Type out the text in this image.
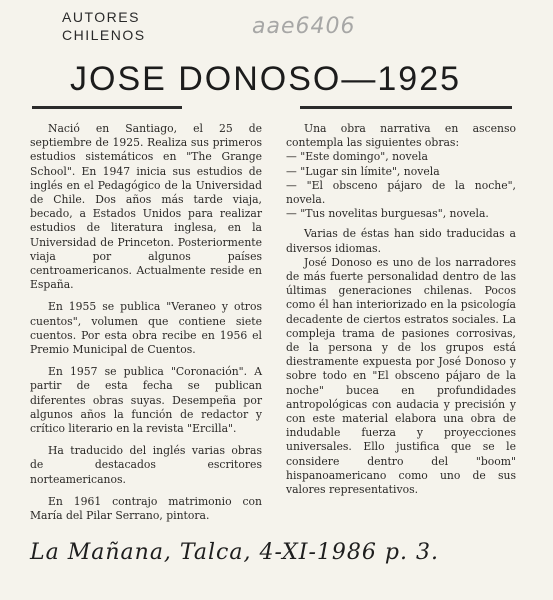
AUTORES
CHILENOS	aae6406
JOSE DONOSO—1925

Nació en Santiago, el 25 de septiembre de 1925. Realiza sus primeros estudios sistemáticos en "The Grange School". En 1947 inicia sus estudios de inglés en el Pedagógico de la Universidad de Chile. Dos años más tarde viaja, becado, a Estados Unidos para realizar estudios de literatura inglesa, en la Universidad de Princeton. Posteriormente viaja por algunos países centroamericanos. Actualmente reside en España.

En 1955 se publica "Veraneo y otros cuentos", volumen que contiene siete cuentos. Por esta obra recibe en 1956 el Premio Municipal de Cuentos.

En 1957 se publica "Coronación". A partir de esta fecha se publican diferentes obras suyas. Desempeña por algunos años la función de redactor y crítico literario en la revista "Ercilla".

Ha traducido del inglés varias obras de destacados escritores norteamericanos.

En 1961 contrajo matrimonio con María del Pilar Serrano, pintora.

Una obra narrativa en ascenso contempla las siguientes obras:

— "Este domingo", novela
— "Lugar sin límite", novela
— "El obsceno pájaro de la noche", novela.
— "Tus novelitas burguesas", novela.

Varias de éstas han sido traducidas a diversos idiomas.

José Donoso es uno de los narradores de más fuerte personalidad dentro de las últimas generaciones chilenas. Pocos como él han interiorizado en la psicología decadente de ciertos estratos sociales. La compleja trama de pasiones corrosivas, de la persona y de los grupos está diestramente expuesta por José Donoso y sobre todo en "El obsceno pájaro de la noche" bucea en profundidades antropológicas con audacia y precisión y con este material elabora una obra de indudable fuerza y proyecciones universales. Ello justifica que se le considere dentro del "boom" hispanoamericano como uno de sus valores representativos.

La Mañana, Talca, 4-XI-1986 p. 3.
